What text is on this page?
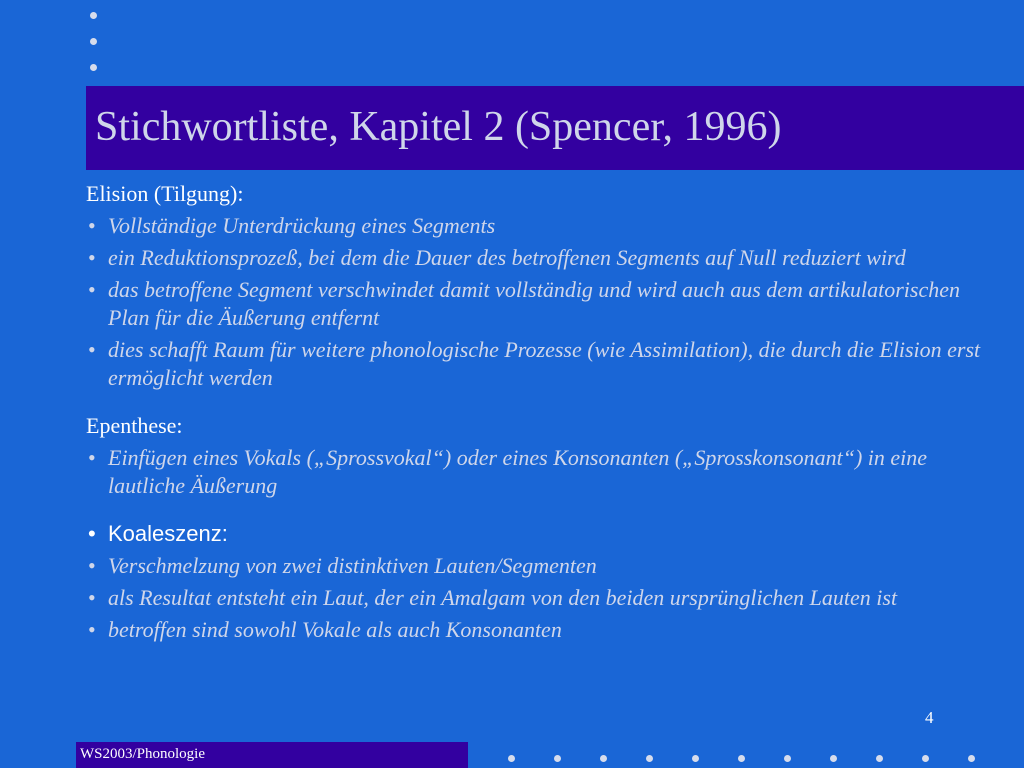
Stichwortliste, Kapitel 2 (Spencer, 1996)

Elision (Tilgung):

• Vollständige Unterdrückung eines Segments
• ein Reduktionsprozeß, bei dem die Dauer des betroffenen Segments auf Null reduziert wird
• das betroffene Segment verschwindet damit vollständig und wird auch aus dem artikulatorischen Plan für die Äußerung entfernt
• dies schafft Raum für weitere phonologische Prozesse (wie Assimilation), die durch die Elision erst ermöglicht werden

Epenthese:

• Einfügen eines Vokals („Sprossvokal“) oder eines Konsonanten („Sprosskonsonant“) in eine lautliche Äußerung
• Koaleszenz:
• Verschmelzung von zwei distinktiven Lauten/Segmenten
• als Resultat entsteht ein Laut, der ein Amalgam von den beiden ursprünglichen Lauten ist
• betroffen sind sowohl Vokale als auch Konsonanten
4
WS2003/Phonologie
